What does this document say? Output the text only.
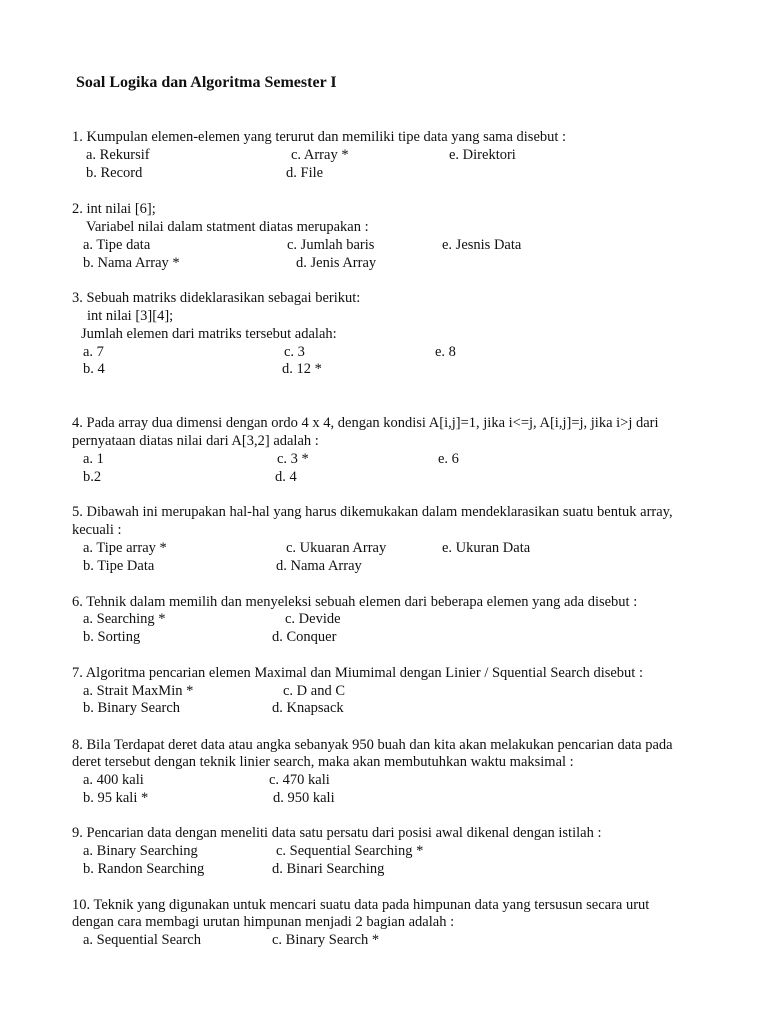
Soal Logika dan Algoritma Semester I
1. Kumpulan elemen-elemen yang terurut dan memiliki tipe data yang sama disebut :
a. Rekursif	c. Array *	e. Direktori
b. Record	d. File
2. int nilai [6];
Variabel nilai dalam statment diatas merupakan :
a. Tipe data	c. Jumlah baris	e. Jesnis Data
b. Nama Array *	d. Jenis Array
3. Sebuah matriks dideklarasikan sebagai berikut:
int nilai [3][4];
Jumlah elemen dari matriks tersebut adalah:
a. 7	c. 3	e. 8
b. 4	d. 12 *
4. Pada array dua dimensi dengan ordo 4 x 4, dengan kondisi A[i,j]=1, jika i<=j, A[i,j]=j, jika i>j dari
pernyataan diatas nilai dari A[3,2] adalah :
a. 1	c. 3 *	e. 6
b.2	d. 4
5. Dibawah ini merupakan hal-hal yang harus dikemukakan dalam mendeklarasikan suatu bentuk array,
kecuali :
a. Tipe array *	c. Ukuaran Array	e. Ukuran Data
b. Tipe Data	d. Nama Array
6. Tehnik dalam memilih dan menyeleksi sebuah elemen dari beberapa elemen yang ada disebut :
a. Searching *	c. Devide
b. Sorting	d. Conquer
7. Algoritma pencarian elemen Maximal dan Miumimal dengan Linier / Squential Search disebut :
a. Strait MaxMin *	c. D and C
b. Binary Search	d. Knapsack
8. Bila Terdapat deret data atau angka sebanyak 950 buah dan kita akan melakukan pencarian data pada
deret tersebut dengan teknik linier search, maka akan membutuhkan waktu maksimal :
a. 400 kali	c. 470 kali
b. 95 kali *	d. 950 kali
9. Pencarian data dengan meneliti data satu persatu dari posisi awal dikenal dengan istilah :
a. Binary Searching	c. Sequential Searching *
b. Randon Searching	d. Binari Searching
10. Teknik yang digunakan untuk mencari suatu data pada himpunan data yang tersusun secara urut
dengan cara membagi urutan himpunan menjadi 2 bagian adalah :
a. Sequential Search	c. Binary Search *
